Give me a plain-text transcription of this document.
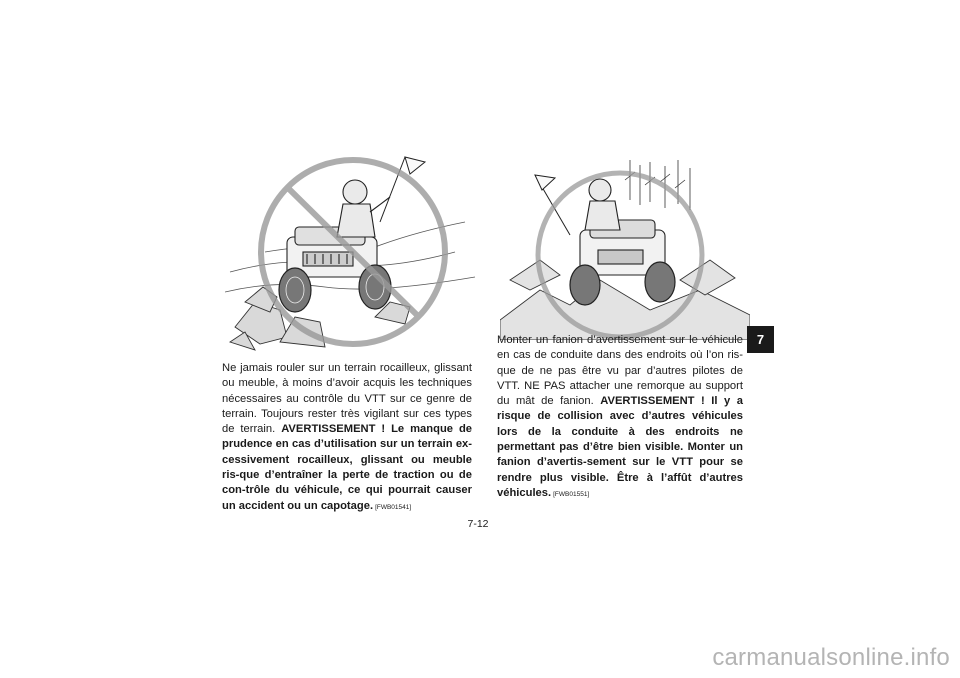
Ne jamais rouler sur un terrain rocailleux, glissant ou meuble, à moins d’avoir acquis les techniques nécessaires au contrôle du VTT sur ce genre de terrain. Toujours rester très vigilant sur ces types de terrain. AVERTISSEMENT ! Le manque de prudence en cas d’utilisation sur un terrain ex-cessivement rocailleux, glissant ou meuble ris-que d’entraîner la perte de traction ou de con-trôle du véhicule, ce qui pourrait causer un accident ou un capotage. [FWB01541]

Monter un fanion d’avertissement sur le véhicule en cas de conduite dans des endroits où l’on ris-que de ne pas être vu par d’autres pilotes de VTT. NE PAS attacher une remorque au support du mât de fanion. AVERTISSEMENT ! Il y a risque de collision avec d’autres véhicules lors de la conduite à des endroits ne permettant pas d’être bien visible. Monter un fanion d’avertis-sement sur le VTT pour se rendre plus visible. Être à l’affût d’autres véhicules. [FWB01551]

7
7-12
carmanualsonline.info
